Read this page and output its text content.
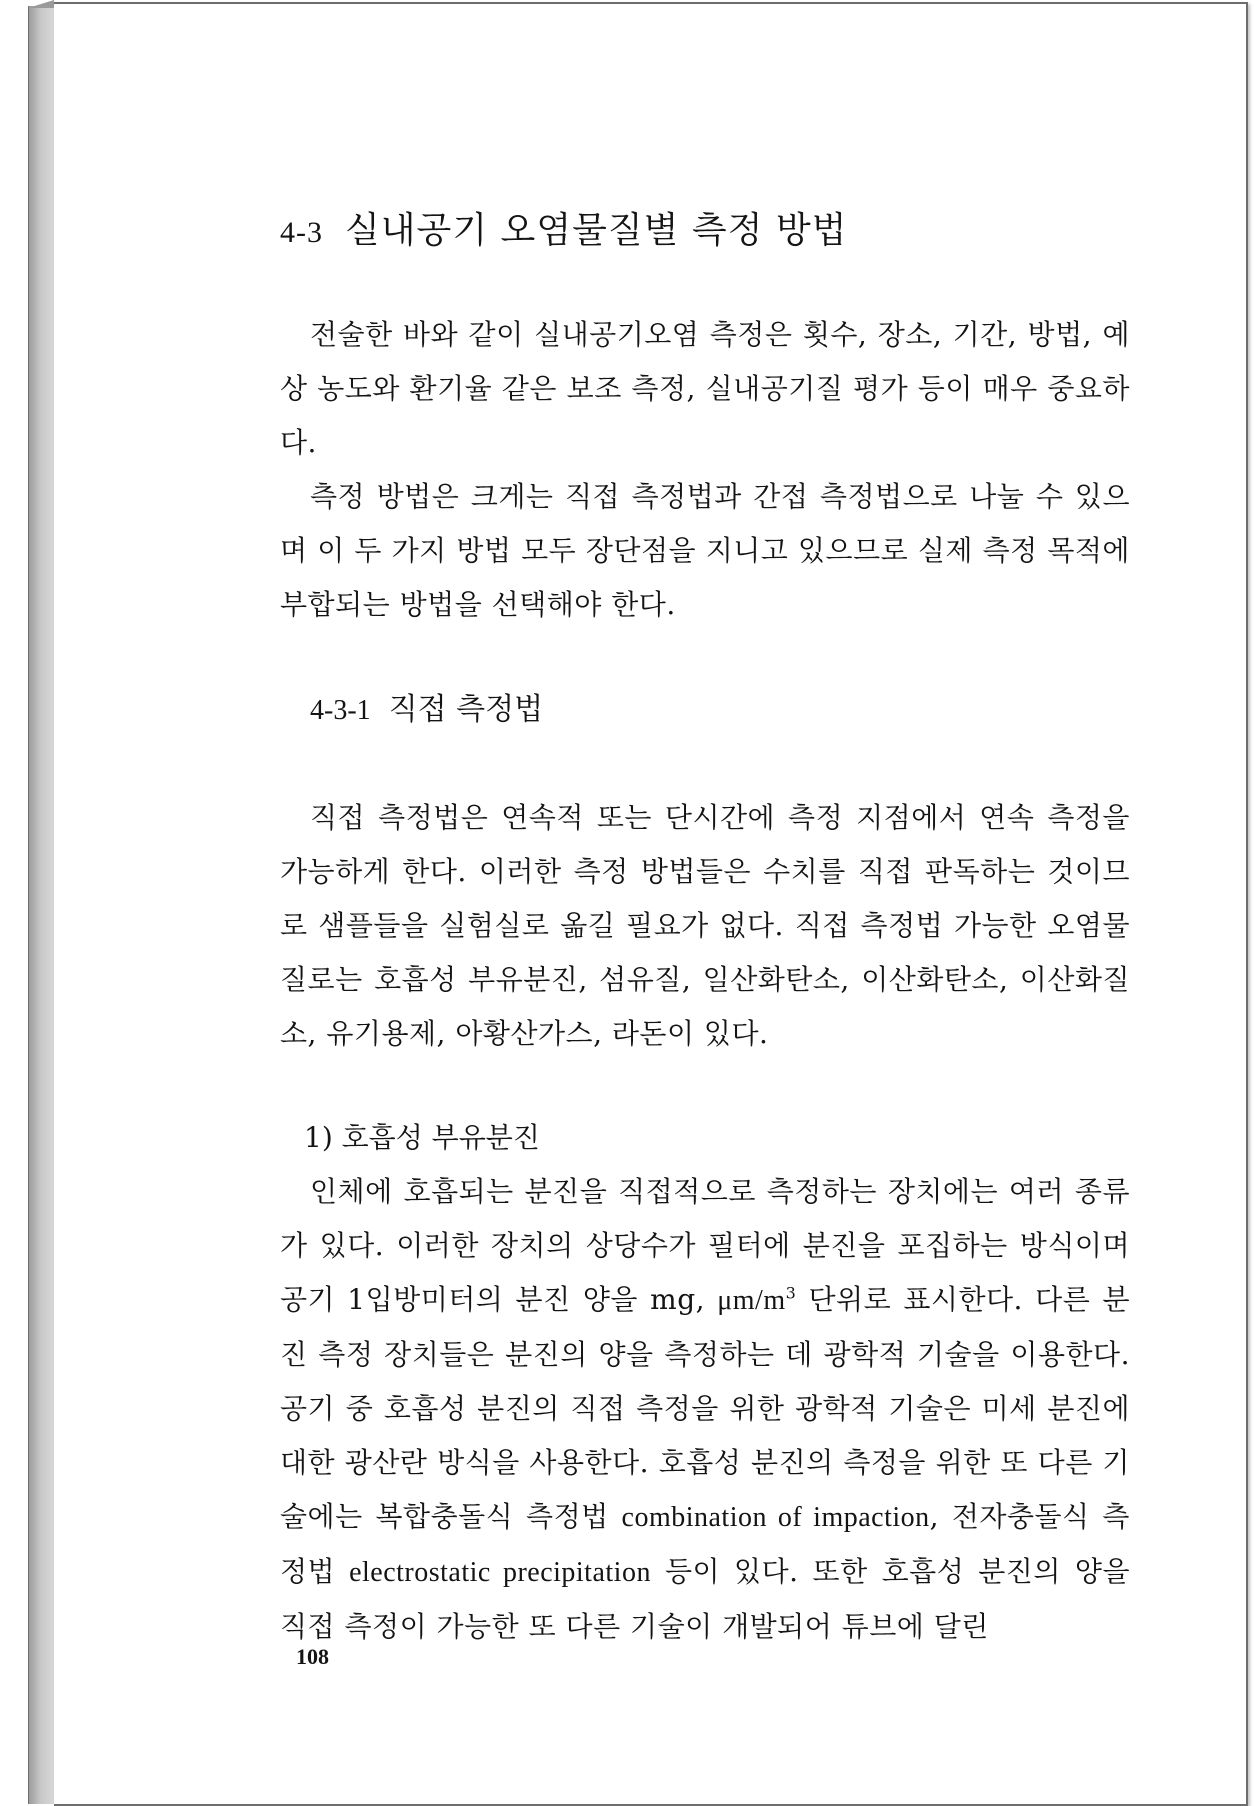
4-3 실내공기 오염물질별 측정 방법

전술한 바와 같이 실내공기오염 측정은 횟수, 장소, 기간, 방법, 예상 농도와 환기율 같은 보조 측정, 실내공기질 평가 등이 매우 중요하다.

측정 방법은 크게는 직접 측정법과 간접 측정법으로 나눌 수 있으며 이 두 가지 방법 모두 장단점을 지니고 있으므로 실제 측정 목적에 부합되는 방법을 선택해야 한다.

4-3-1 직접 측정법

직접 측정법은 연속적 또는 단시간에 측정 지점에서 연속 측정을 가능하게 한다. 이러한 측정 방법들은 수치를 직접 판독하는 것이므로 샘플들을 실험실로 옮길 필요가 없다. 직접 측정법 가능한 오염물질로는 호흡성 부유분진, 섬유질, 일산화탄소, 이산화탄소, 이산화질소, 유기용제, 아황산가스, 라돈이 있다.

1) 호흡성 부유분진

인체에 호흡되는 분진을 직접적으로 측정하는 장치에는 여러 종류가 있다. 이러한 장치의 상당수가 필터에 분진을 포집하는 방식이며 공기 1입방미터의 분진 양을 mg, $\mu m/m^3$ 단위로 표시한다. 다른 분진 측정 장치들은 분진의 양을 측정하는 데 광학적 기술을 이용한다. 공기 중 호흡성 분진의 직접 측정을 위한 광학적 기술은 미세 분진에 대한 광산란 방식을 사용한다. 호흡성 분진의 측정을 위한 또 다른 기술에는 복합충돌식 측정법 combination of impaction, 전자충돌식 측정법 electrostatic precipitation 등이 있다. 또한 호흡성 분진의 양을 직접 측정이 가능한 또 다른 기술이 개발되어 튜브에 달린

108
